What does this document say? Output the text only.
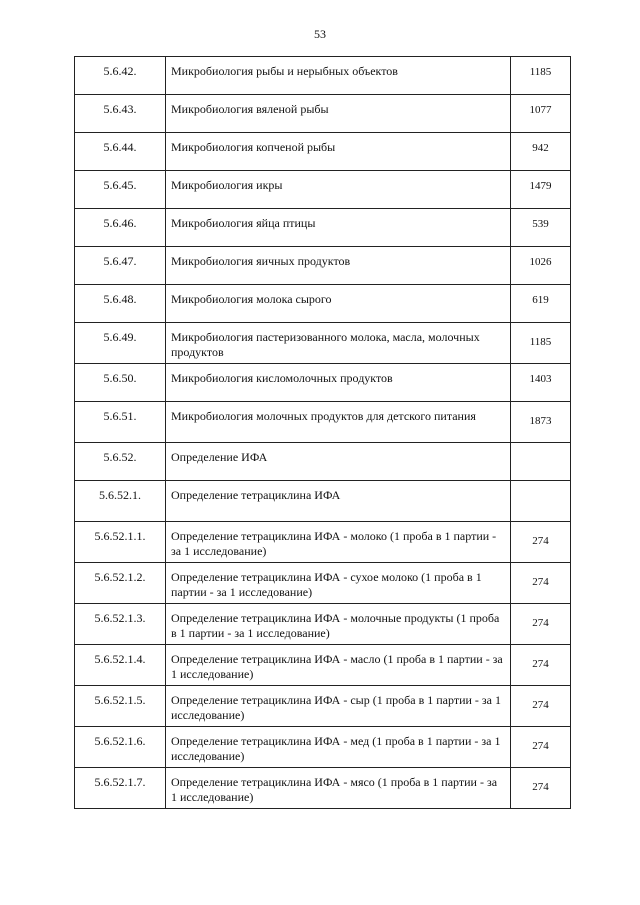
53
5.6.42.	Микробиология рыбы и нерыбных объектов	1185
5.6.43.	Микробиология вяленой рыбы	1077
5.6.44.	Микробиология копченой рыбы	942
5.6.45.	Микробиология икры	1479
5.6.46.	Микробиология яйца птицы	539
5.6.47.	Микробиология яичных продуктов	1026
5.6.48.	Микробиология молока сырого	619
5.6.49.	Микробиология пастеризованного молока, масла, молочных продуктов	1185
5.6.50.	Микробиология кисломолочных продуктов	1403
5.6.51.	Микробиология молочных продуктов для детского питания	1873
5.6.52.	Определение ИФА	
5.6.52.1.	Определение тетрациклина ИФА	
5.6.52.1.1.	Определение тетрациклина ИФА - молоко (1 проба в 1 партии - за 1 исследование)	274
5.6.52.1.2.	Определение тетрациклина ИФА - сухое молоко (1 проба в 1 партии - за 1 исследование)	274
5.6.52.1.3.	Определение тетрациклина ИФА - молочные продукты (1 проба в 1 партии - за 1 исследование)	274
5.6.52.1.4.	Определение тетрациклина ИФА - масло (1 проба в 1 партии - за 1 исследование)	274
5.6.52.1.5.	Определение тетрациклина ИФА - сыр (1 проба в 1 партии - за 1 исследование)	274
5.6.52.1.6.	Определение тетрациклина ИФА - мед (1 проба в 1 партии - за 1 исследование)	274
5.6.52.1.7.	Определение тетрациклина ИФА - мясо (1 проба в 1 партии - за 1 исследование)	274
